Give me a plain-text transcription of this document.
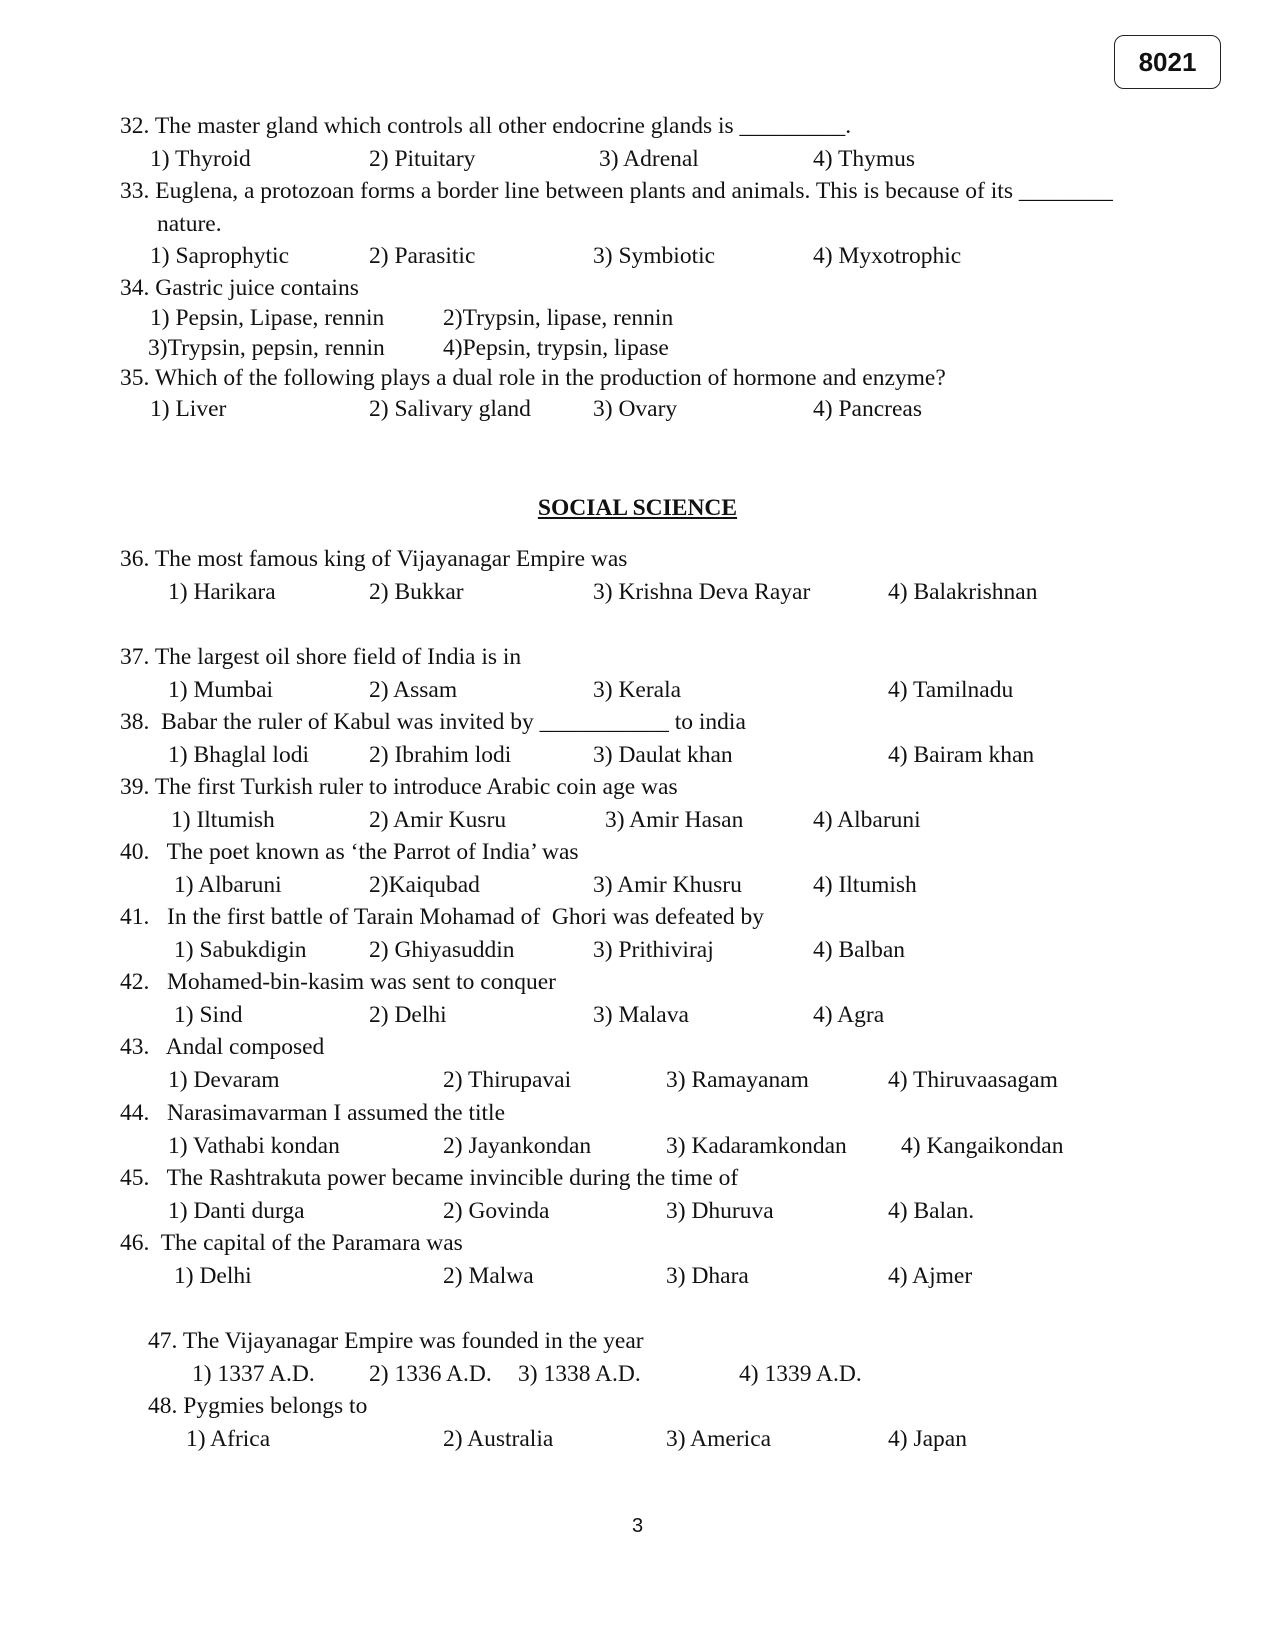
8021
32. The master gland which controls all other endocrine glands is _________.
1) Thyroid	2) Pituitary	3) Adrenal	4) Thymus
33. Euglena, a protozoan forms a border line between plants and animals. This is because of its ________
nature.
1) Saprophytic	2) Parasitic	3) Symbiotic	4) Myxotrophic
34. Gastric juice contains
1) Pepsin, Lipase, rennin 2)Trypsin, lipase, rennin
3)Trypsin, pepsin, rennin 4)Pepsin, trypsin, lipase
35. Which of the following plays a dual role in the production of hormone and enzyme?
1) Liver	2) Salivary gland	3) Ovary	4) Pancreas
SOCIAL SCIENCE
36. The most famous king of Vijayanagar Empire was
1) Harikara	2) Bukkar	3) Krishna Deva Rayar	4) Balakrishnan
37. The largest oil shore field of India is in
1) Mumbai	2) Assam	3) Kerala	4) Tamilnadu
38.  Babar the ruler of Kabul was invited by ___________ to india
1) Bhaglal lodi	2) Ibrahim lodi	3) Daulat khan	4) Bairam khan
39. The first Turkish ruler to introduce Arabic coin age was
1) Iltumish	2) Amir Kusru	3) Amir Hasan	4) Albaruni
40.   The poet known as ‘the Parrot of India’ was
1) Albaruni	2)Kaiqubad	3) Amir Khusru	4) Iltumish
41.   In the first battle of Tarain Mohamad of  Ghori was defeated by
1) Sabukdigin	2) Ghiyasuddin	3) Prithiviraj	4) Balban
42.   Mohamed-bin-kasim was sent to conquer
1) Sind	2) Delhi	3) Malava	4) Agra
43.   Andal composed
1) Devaram	2) Thirupavai	3) Ramayanam	4) Thiruvaasagam
44.   Narasimavarman I assumed the title
1) Vathabi kondan	2) Jayankondan	3) Kadaramkondan 4) Kangaikondan
45.   The Rashtrakuta power became invincible during the time of
1) Danti durga	2) Govinda	3) Dhuruva	4) Balan.
46.  The capital of the Paramara was
1) Delhi	2) Malwa	3) Dhara	4) Ajmer
47. The Vijayanagar Empire was founded in the year
1) 1337 A.D. 2) 1336 A.D. 3) 1338 A.D.	4) 1339 A.D.
48. Pygmies belongs to
1) Africa	2) Australia	3) America	4) Japan
3
